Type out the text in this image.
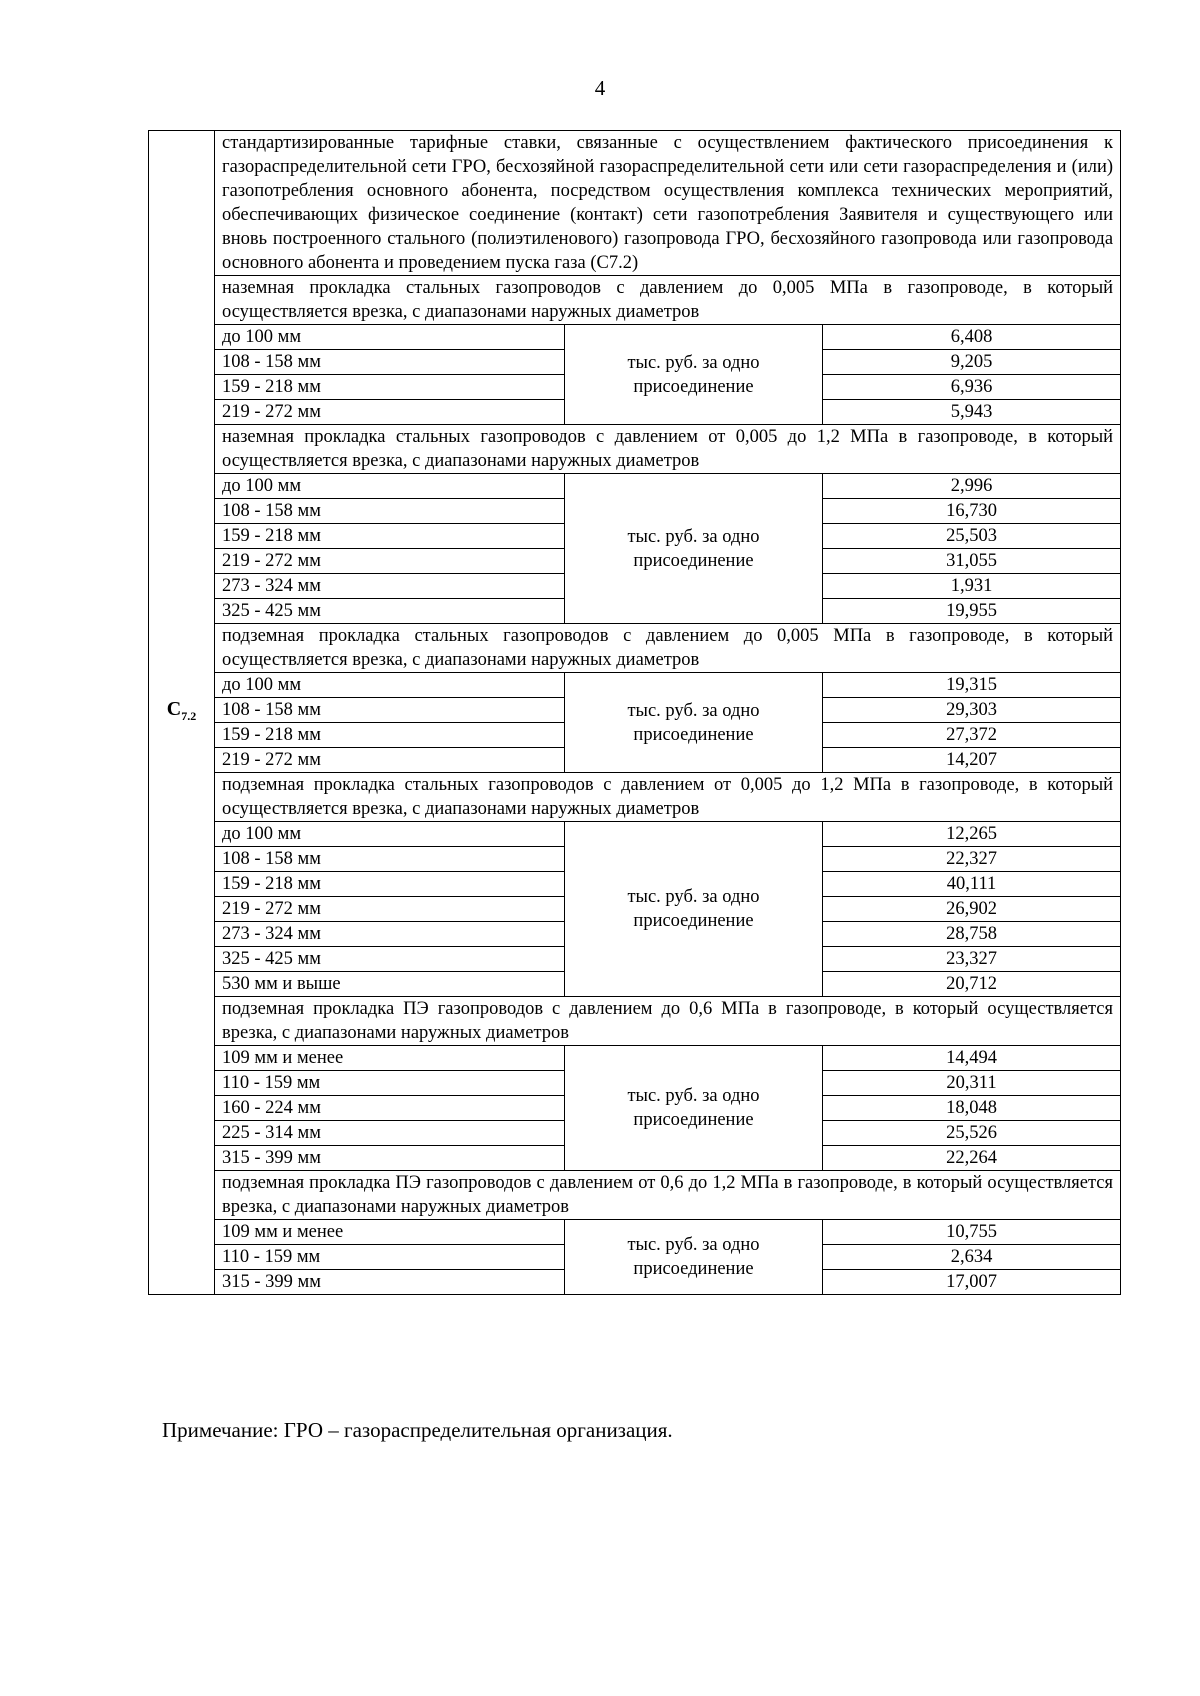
4
$C_{7.2}$	стандартизированные тарифные ставки, связанные с осуществлением фактического присоединения к газораспределительной сети ГРО, бесхозяйной газораспределительной сети или сети газораспределения и (или) газопотребления основного абонента, посредством осуществления комплекса технических мероприятий, обеспечивающих физическое соединение (контакт) сети газопотребления Заявителя и существующего или вновь построенного стального (полиэтиленового) газопровода ГРО, бесхозяйного газопровода или газопровода основного абонента и проведением пуска газа (С7.2)		
	наземная прокладка стальных газопроводов с давлением до 0,005 МПа в газопроводе, в который осуществляется врезка, с диапазонами наружных диаметров		
	до 100 мм	тыс. руб. за одно присоединение	6,408
	108 - 158 мм		9,205
	159 - 218 мм		6,936
	219 - 272 мм		5,943
	наземная прокладка стальных газопроводов с давлением от 0,005 до 1,2 МПа в газопроводе, в который осуществляется врезка, с диапазонами наружных диаметров		
	до 100 мм	тыс. руб. за одно присоединение	2,996
	108 - 158 мм		16,730
	159 - 218 мм		25,503
	219 - 272 мм		31,055
	273 - 324 мм		1,931
	325 - 425 мм		19,955
	подземная прокладка стальных газопроводов с давлением до 0,005 МПа в газопроводе, в который осуществляется врезка, с диапазонами наружных диаметров		
	до 100 мм	тыс. руб. за одно присоединение	19,315
	108 - 158 мм		29,303
	159 - 218 мм		27,372
	219 - 272 мм		14,207
	подземная прокладка стальных газопроводов с давлением от 0,005 до 1,2 МПа в газопроводе, в который осуществляется врезка, с диапазонами наружных диаметров		
	до 100 мм	тыс. руб. за одно присоединение	12,265
	108 - 158 мм		22,327
	159 - 218 мм		40,111
	219 - 272 мм		26,902
	273 - 324 мм		28,758
	325 - 425 мм		23,327
	530 мм и выше		20,712
	подземная прокладка ПЭ газопроводов с давлением до 0,6 МПа в газопроводе, в который осуществляется врезка, с диапазонами наружных диаметров		
	109 мм и менее	тыс. руб. за одно присоединение	14,494
	110 - 159 мм		20,311
	160 - 224 мм		18,048
	225 - 314 мм		25,526
	315 - 399 мм		22,264
	подземная прокладка ПЭ газопроводов с давлением от 0,6 до 1,2 МПа в газопроводе, в который осуществляется врезка, с диапазонами наружных диаметров		
	109 мм и менее	тыс. руб. за одно присоединение	10,755
	110 - 159 мм		2,634
	315 - 399 мм		17,007
Примечание: ГРО – газораспределительная организация.
